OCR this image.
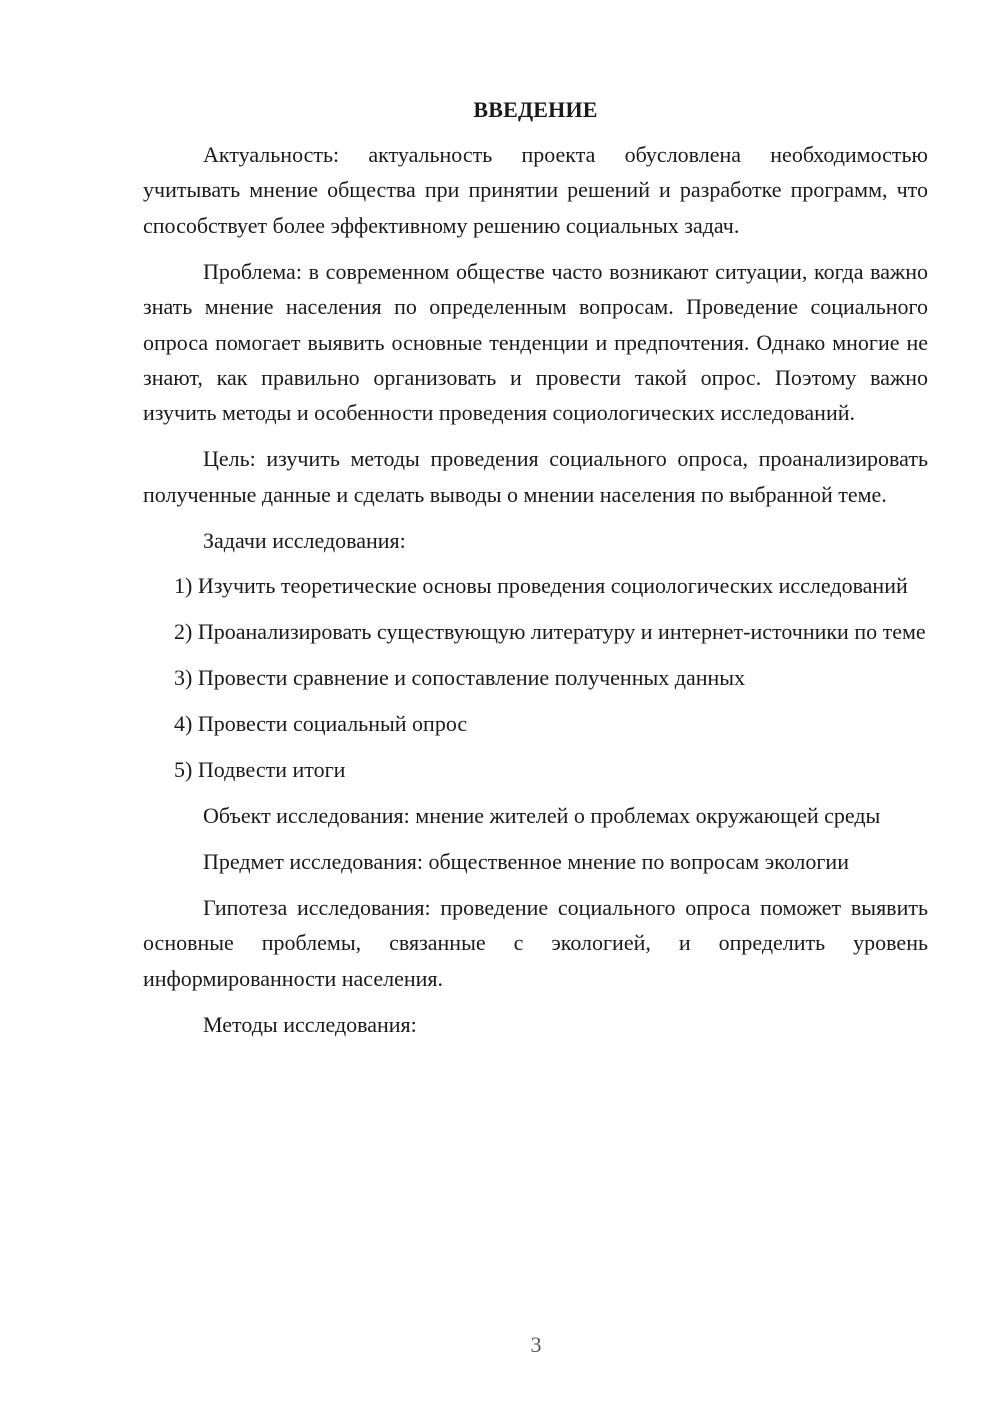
ВВЕДЕНИЕ

Актуальность: актуальность проекта обусловлена необходимостью учитывать мнение общества при принятии решений и разработке программ, что способствует более эффективному решению социальных задач.

Проблема: в современном обществе часто возникают ситуации, когда важно знать мнение населения по определенным вопросам. Проведение социального опроса помогает выявить основные тенденции и предпочтения. Однако многие не знают, как правильно организовать и провести такой опрос. Поэтому важно изучить методы и особенности проведения социологических исследований.

Цель: изучить методы проведения социального опроса, проанализировать полученные данные и сделать выводы о мнении населения по выбранной теме.

Задачи исследования:

1) Изучить теоретические основы проведения социологических исследований

2) Проанализировать существующую литературу и интернет-источники по теме

3) Провести сравнение и сопоставление полученных данных

4) Провести социальный опрос

5) Подвести итоги

Объект исследования: мнение жителей о проблемах окружающей среды

Предмет исследования: общественное мнение по вопросам экологии

Гипотеза исследования: проведение социального опроса поможет выявить основные проблемы, связанные с экологией, и определить уровень информированности населения.

Методы исследования:

3
